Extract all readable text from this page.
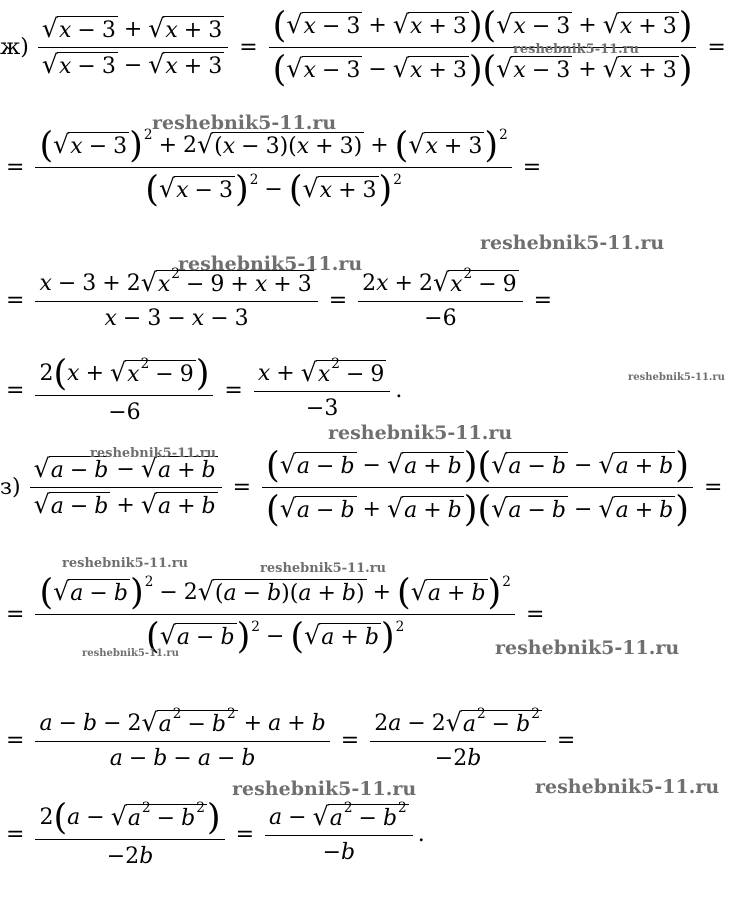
$ж) \frac{√ x - 3 + √ x + 3}{√ x - 3 - √ x + 3}$ =
( √ x − 3 + √ x + 3 )( √ x − 3 + √ x + 3 )
( √ x − 3 − √ x + 3 )( √ x − 3 + √ x + 3 )
=
= $\frac{( √ x - 3 ) 2 + 2 √ ( x - 3)( x + 3) + ( √ x + 3 ) 2}{( √ x - 3 ) 2 - ( √ x + 3 ) 2}$ =
= $\frac{x - 3 + 2 √ x 2 - 9 + x + 3}{x - 3 - x - 3} = \frac{2 x + 2 √ x 2 - 9}{-6}$ =
= $\frac{2 ( x + √ x 2 - 9 )}{-6} = \frac{x + √ x 2 - 9}{-3}$ .
$з) \frac{√ a - b - √ a + b}{√ a - b + √ a + b}$ =
( √ a − b − √ a + b )( √ a − b − √ a + b )
( √ a − b + √ a + b )( √ a − b − √ a + b )
=
= $\frac{( √ a - b ) 2 - 2 √ ( a - b )( a + b ) + ( √ a + b ) 2}{( √ a - b ) 2 - ( √ a + b ) 2}$ =
= $\frac{a - b - 2 √ a 2 - b 2 + a + b}{a - b - a - b} = \frac{2 a - 2 √ a 2 - b 2}{-2 b}$ =
= $\frac{2 ( a - √ a 2 - b 2 )}{-2 b} = \frac{a - √ a 2 - b 2}{- b}$ .
reshebnik5-11.ru
reshebnik5-11.ru
reshebnik5-11.ru
reshebnik5-11.ru
reshebnik5-11.ru
reshebnik5-11.ru
reshebnik5-11.ru
reshebnik5-11.ru	reshebnik5-11.ru
reshebnik5-11.ru	reshebnik5-11.ru
reshebnik5-11.ru	reshebnik5-11.ru
